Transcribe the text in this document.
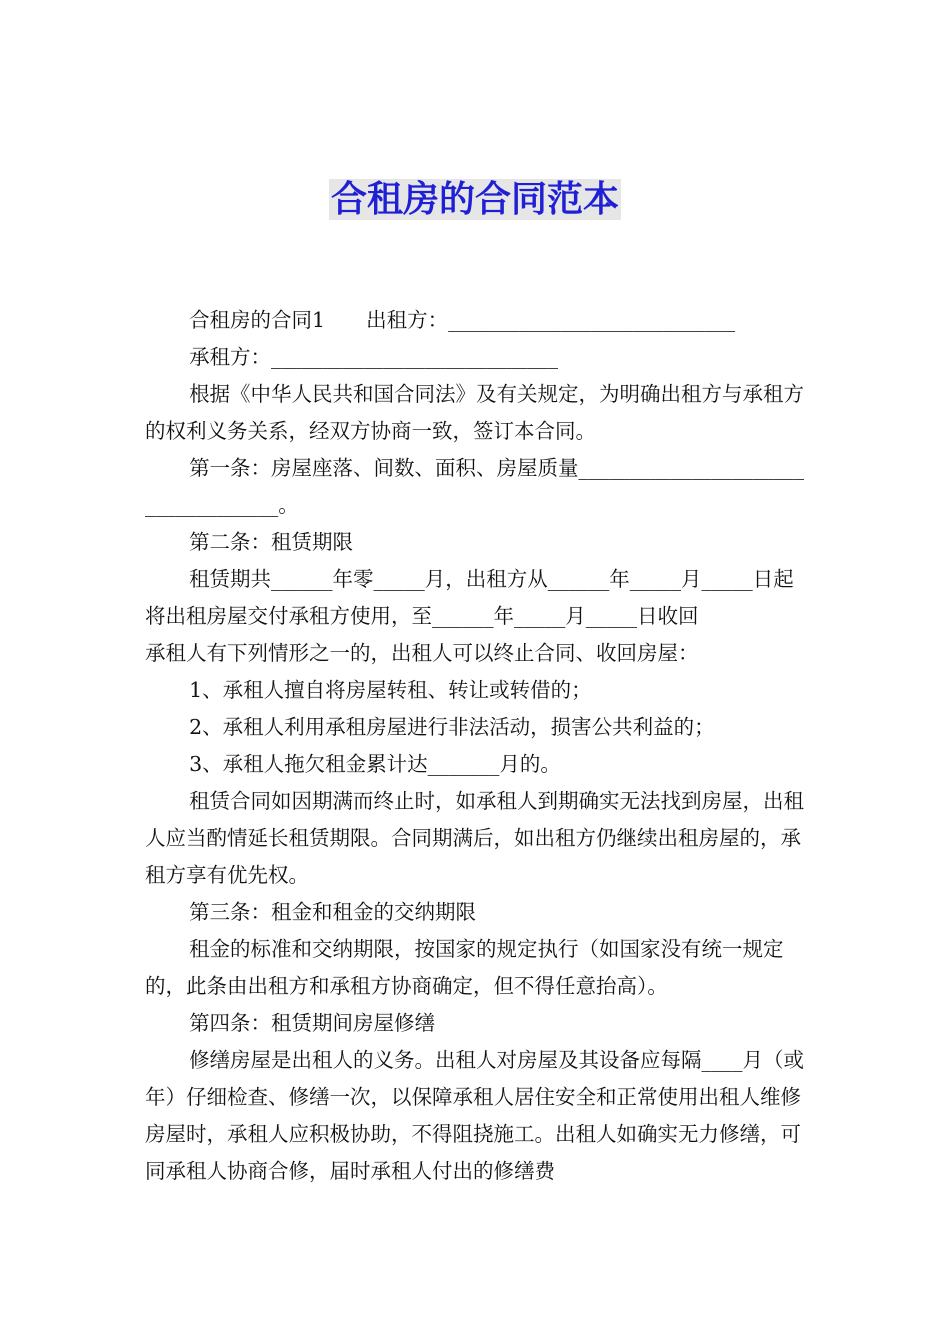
合租房的合同范本

合租房的合同1　　出租方：____________________________

承租方：____________________________

根据《中华人民共和国合同法》及有关规定，为明确出租方与承租方的权利义务关系，经双方协商一致，签订本合同。

第一条：房屋座落、间数、面积、房屋质量___________________________________。

第二条：租赁期限

租赁期共______年零_____月，出租方从______年_____月_____日起将出租房屋交付承租方使用，至______年_____月_____日收回

承租人有下列情形之一的，出租人可以终止合同、收回房屋：

1、承租人擅自将房屋转租、转让或转借的；

2、承租人利用承租房屋进行非法活动，损害公共利益的；

3、承租人拖欠租金累计达_______月的。

租赁合同如因期满而终止时，如承租人到期确实无法找到房屋，出租人应当酌情延长租赁期限。合同期满后，如出租方仍继续出租房屋的，承租方享有优先权。

第三条：租金和租金的交纳期限

租金的标准和交纳期限，按国家的规定执行（如国家没有统一规定的，此条由出租方和承租方协商确定，但不得任意抬高）。

第四条：租赁期间房屋修缮

修缮房屋是出租人的义务。出租人对房屋及其设备应每隔____月（或年）仔细检查、修缮一次，以保障承租人居住安全和正常使用出租人维修房屋时，承租人应积极协助，不得阻挠施工。出租人如确实无力修缮，可同承租人协商合修，届时承租人付出的修缮费
